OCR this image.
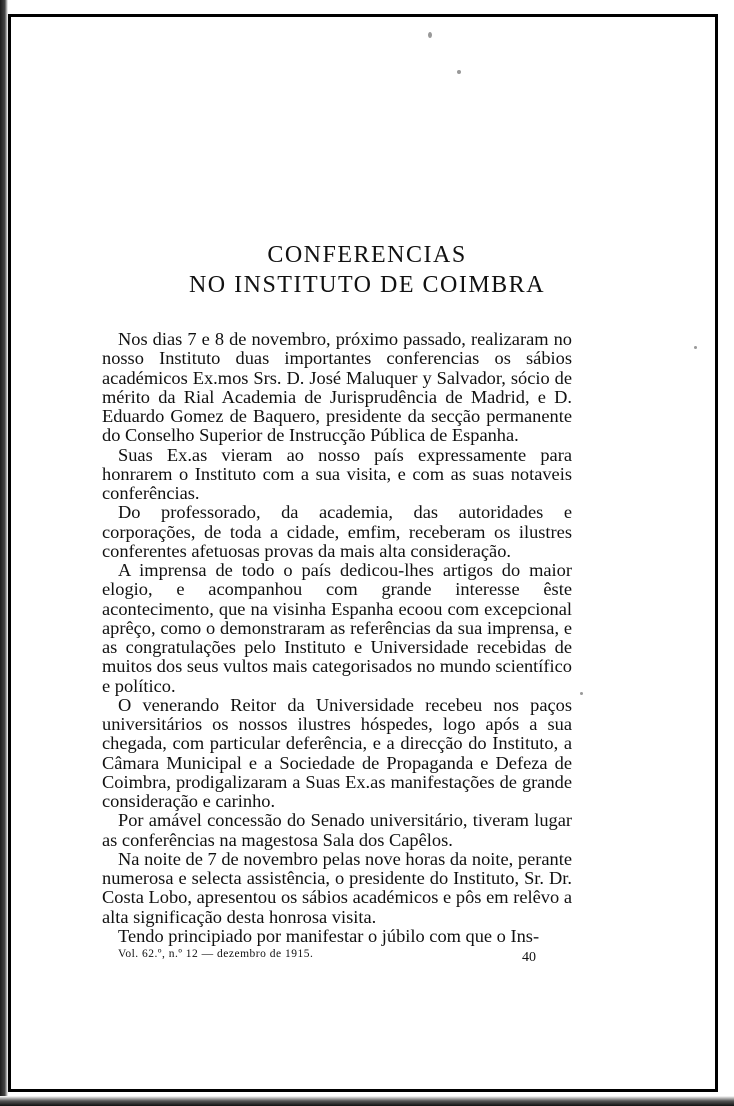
CONFERENCIAS
NO INSTITUTO DE COIMBRA

Nos dias 7 e 8 de novembro, próximo passado, realizaram no nosso Instituto duas importantes conferencias os sábios académicos Ex.mos Srs. D. José Maluquer y Salvador, sócio de mérito da Rial Academia de Jurisprudência de Madrid, e D. Eduardo Gomez de Baquero, presidente da secção permanente do Conselho Superior de Instrucção Pública de Espanha.

Suas Ex.as vieram ao nosso país expressamente para honrarem o Instituto com a sua visita, e com as suas notaveis conferências.

Do professorado, da academia, das autoridades e corporações, de toda a cidade, emfim, receberam os ilustres conferentes afetuosas provas da mais alta consideração.

A imprensa de todo o país dedicou-lhes artigos do maior elogio, e acompanhou com grande interesse êste acontecimento, que na visinha Espanha ecoou com excepcional aprêço, como o demonstraram as referências da sua imprensa, e as congratulações pelo Instituto e Universidade recebidas de muitos dos seus vultos mais categorisados no mundo scientífico e político.

O venerando Reitor da Universidade recebeu nos paços universitários os nossos ilustres hóspedes, logo após a sua chegada, com particular deferência, e a direcção do Instituto, a Câmara Municipal e a Sociedade de Propaganda e Defeza de Coimbra, prodigalizaram a Suas Ex.as manifestações de grande consideração e carinho.

Por amável concessão do Senado universitário, tiveram lugar as conferências na magestosa Sala dos Capêlos.

Na noite de 7 de novembro pelas nove horas da noite, perante numerosa e selecta assistência, o presidente do Instituto, Sr. Dr. Costa Lobo, apresentou os sábios académicos e pôs em relêvo a alta significação desta honrosa visita.

Tendo principiado por manifestar o júbilo com que o Ins-

Vol. 62.º, n.º 12 — dezembro de 1915.	40
